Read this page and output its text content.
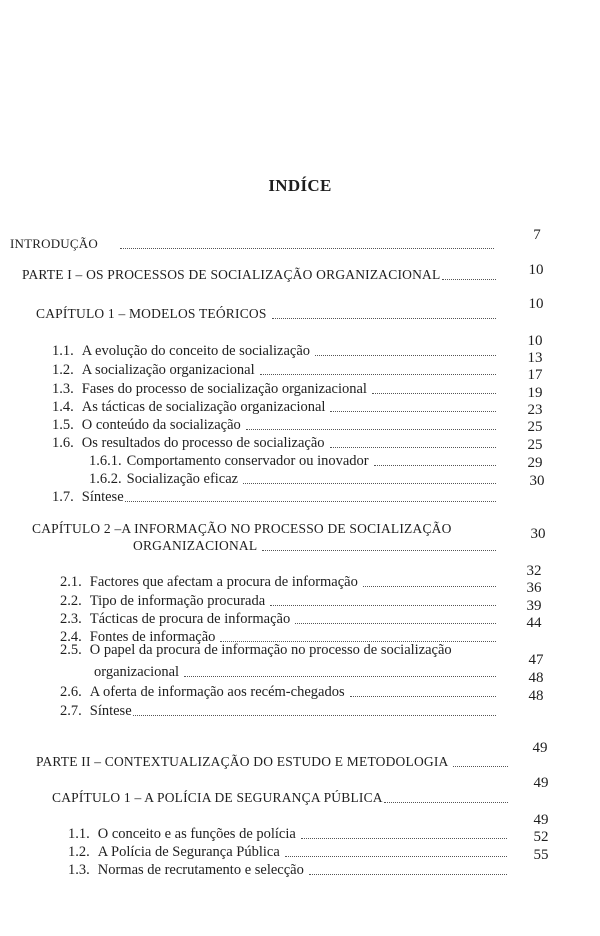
INDÍCE
INTRODUÇÃO
7
PARTE I – OS PROCESSOS DE SOCIALIZAÇÃO ORGANIZACIONAL	10
CAPÍTULO 1 – MODELOS TEÓRICOS
10
1.1. A evolução do conceito de socialização
10
1.2. A socialização organizacional
13
1.3. Fases do processo de socialização organizacional
17
1.4. As tácticas de socialização organizacional
19
1.5. O conteúdo da socialização
23
1.6. Os resultados do processo de socialização
25
1.6.1. Comportamento conservador ou inovador
25
1.6.2. Socialização eficaz
29
1.7. Síntese
30
CAPÍTULO 2 –A INFORMAÇÃO NO PROCESSO DE SOCIALIZAÇÃO
ORGANIZACIONAL
30
2.1. Factores que afectam a procura de informação
32
2.2. Tipo de informação procurada
36
2.3. Tácticas de procura de informação
39
2.4. Fontes de informação
44
2.5. O papel da procura de informação no processo de socialização
organizacional
47
2.6. A oferta de informação aos recém-chegados
48
2.7. Síntese
48
PARTE II – CONTEXTUALIZAÇÃO DO ESTUDO E METODOLOGIA
49
CAPÍTULO 1 – A POLÍCIA DE SEGURANÇA PÚBLICA
49
1.1. O conceito e as funções de polícia
49
1.2. A Polícia de Segurança Pública
52
1.3. Normas de recrutamento e selecção
55
